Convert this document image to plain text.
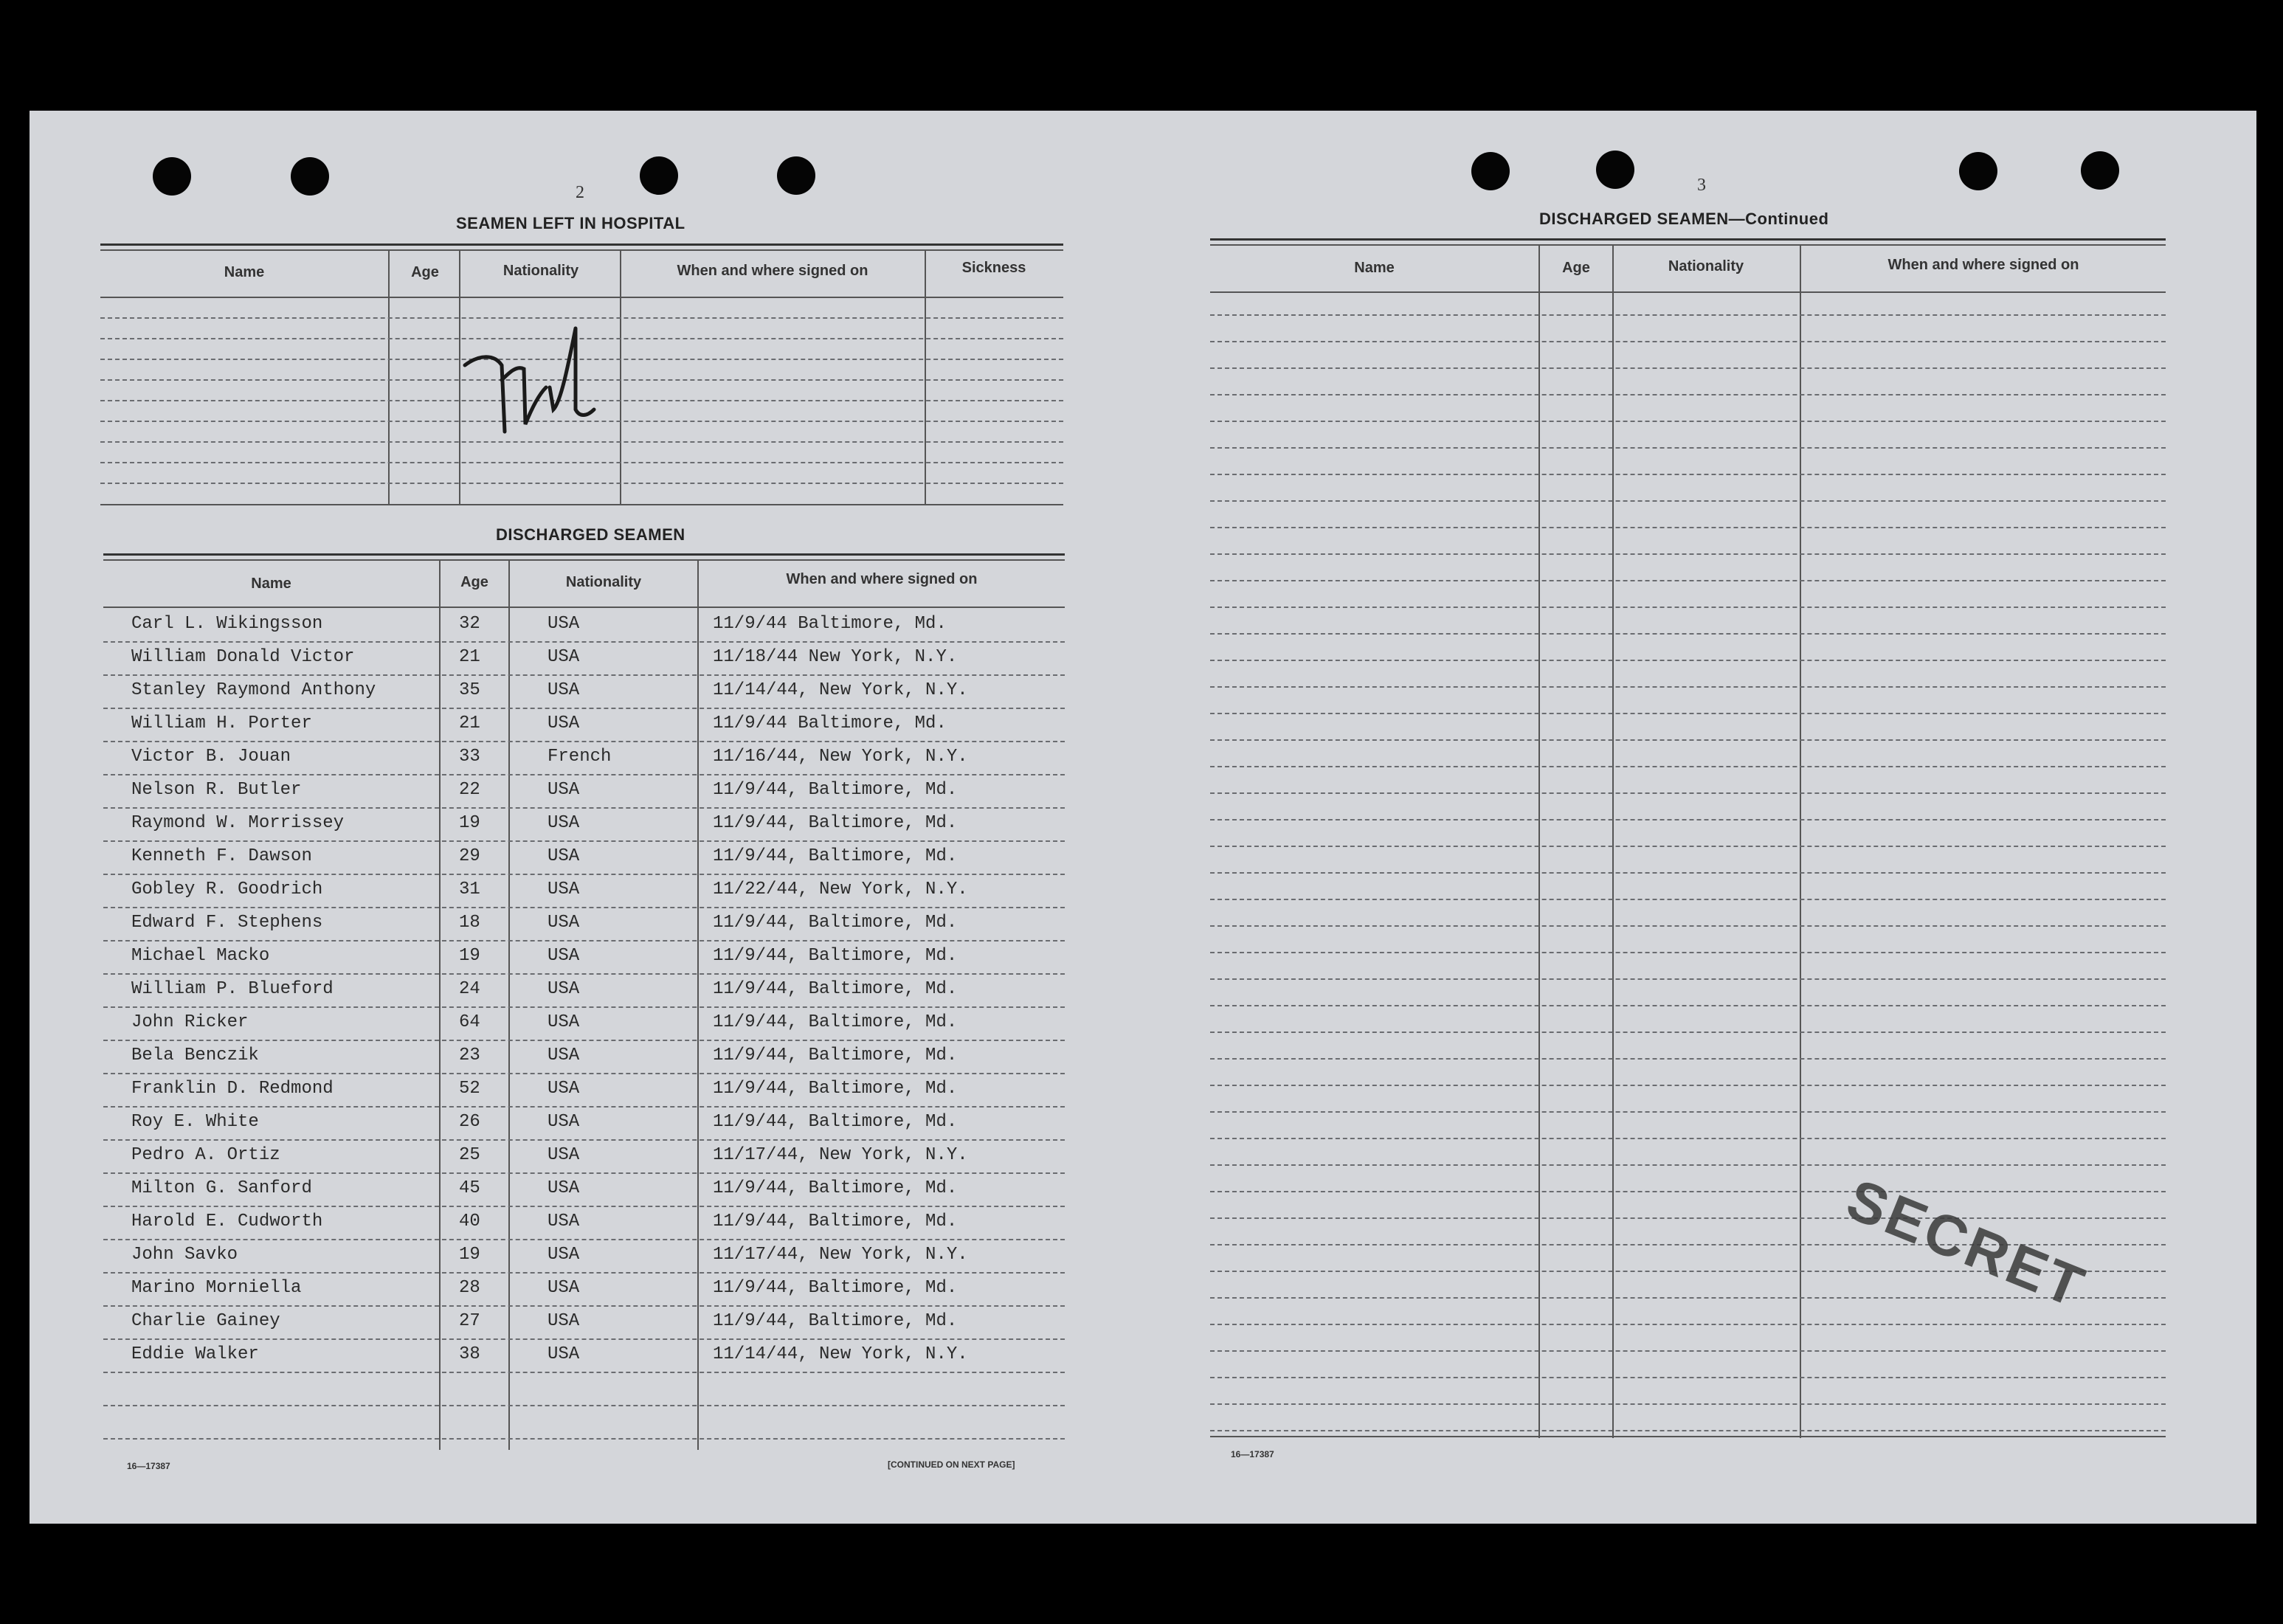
2
SEAMEN LEFT IN HOSPITAL
Name	Age	Nationality	When and where signed on	Sickness
DISCHARGED SEAMEN
Name	Age	Nationality	When and where signed on
Carl L. Wikingsson	32	USA	11/9/44 Baltimore, Md.
William Donald Victor	21	USA	11/18/44 New York, N.Y.
Stanley Raymond Anthony	35	USA	11/14/44, New York, N.Y.
William H. Porter	21	USA	11/9/44 Baltimore, Md.
Victor B. Jouan	33	French	11/16/44, New York, N.Y.
Nelson R. Butler	22	USA	11/9/44, Baltimore, Md.
Raymond W. Morrissey	19	USA	11/9/44, Baltimore, Md.
Kenneth F. Dawson	29	USA	11/9/44, Baltimore, Md.
Gobley R. Goodrich	31	USA	11/22/44, New York, N.Y.
Edward F. Stephens	18	USA	11/9/44, Baltimore, Md.
Michael Macko	19	USA	11/9/44, Baltimore, Md.
William P. Blueford	24	USA	11/9/44, Baltimore, Md.
John Ricker	64	USA	11/9/44, Baltimore, Md.
Bela Benczik	23	USA	11/9/44, Baltimore, Md.
Franklin D. Redmond	52	USA	11/9/44, Baltimore, Md.
Roy E. White	26	USA	11/9/44, Baltimore, Md.
Pedro A. Ortiz	25	USA	11/17/44, New York, N.Y.
Milton G. Sanford	45	USA	11/9/44, Baltimore, Md.
Harold E. Cudworth	40	USA	11/9/44, Baltimore, Md.
John Savko	19	USA	11/17/44, New York, N.Y.
Marino Morniella	28	USA	11/9/44, Baltimore, Md.
Charlie Gainey	27	USA	11/9/44, Baltimore, Md.
Eddie Walker	38	USA	11/14/44, New York, N.Y.
16—17387	[CONTINUED ON NEXT PAGE]
3
DISCHARGED SEAMEN—Continued
Name	Age	Nationality	When and where signed on
16—17387
SECRET
